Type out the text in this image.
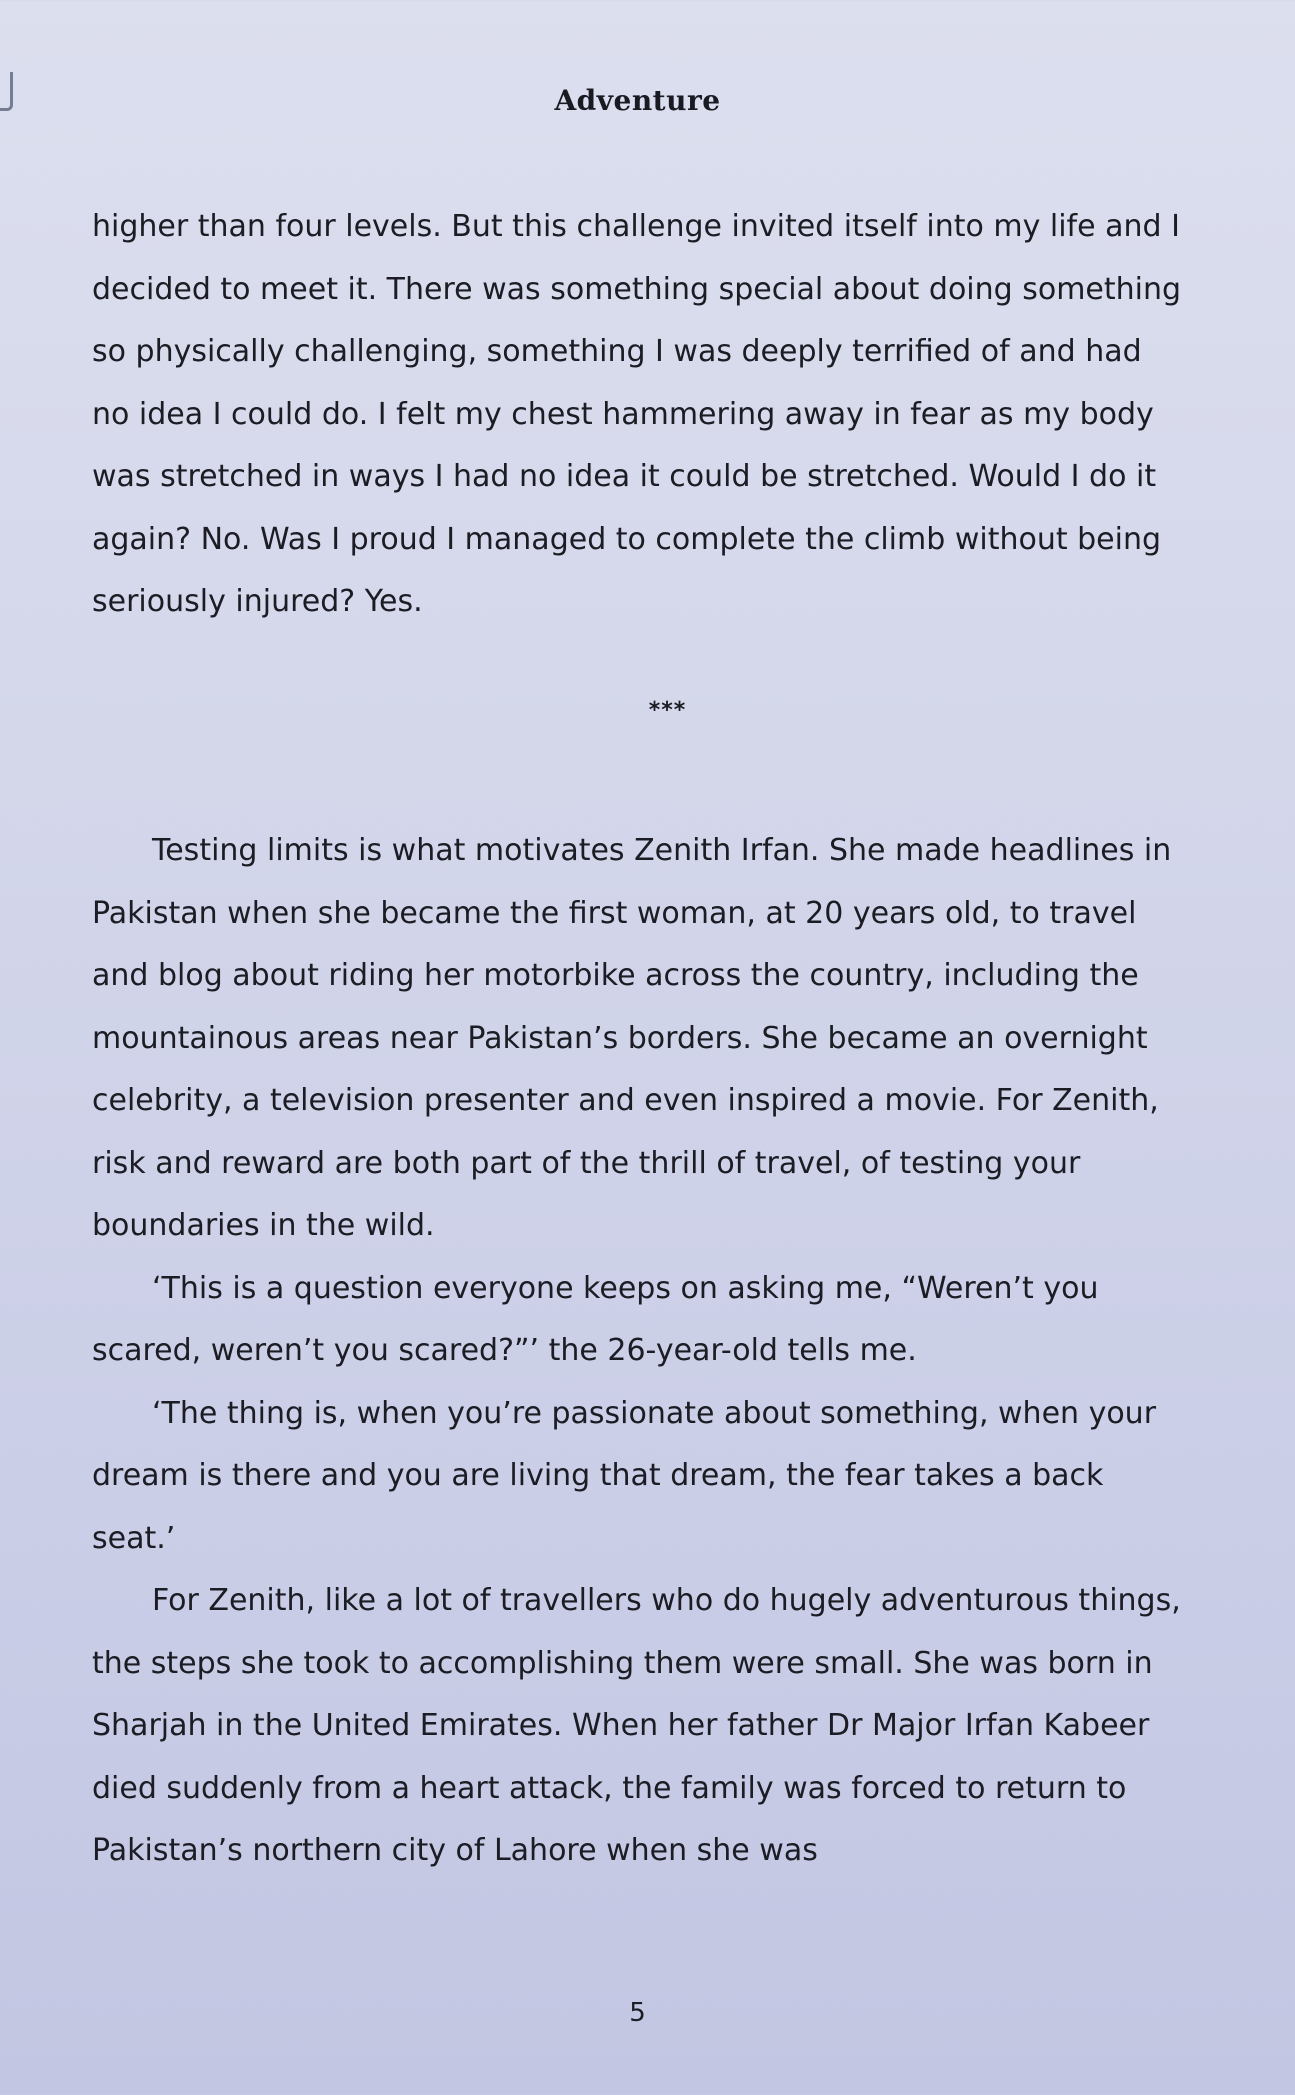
Adventure

higher than four levels. But this challenge invited itself into my life and I decided to meet it. There was something special about doing something so physically challenging, something I was deeply terrified of and had no idea I could do. I felt my chest hammering away in fear as my body was stretched in ways I had no idea it could be stretched. Would I do it again? No. Was I proud I managed to complete the climb without being seriously injured? Yes.

***

Testing limits is what motivates Zenith Irfan. She made headlines in Pakistan when she became the first woman, at 20 years old, to travel and blog about riding her motorbike across the country, including the mountainous areas near Pakistan’s borders. She became an overnight celebrity, a television presenter and even inspired a movie. For Zenith, risk and reward are both part of the thrill of travel, of testing your boundaries in the wild.

‘This is a question everyone keeps on asking me, “Weren’t you scared, weren’t you scared?”’ the 26-year-old tells me.

‘The thing is, when you’re passionate about something, when your dream is there and you are living that dream, the fear takes a back seat.’

For Zenith, like a lot of travellers who do hugely adventurous things, the steps she took to accomplishing them were small. She was born in Sharjah in the United Emirates. When her father Dr Major Irfan Kabeer died suddenly from a heart attack, the family was forced to return to Pakistan’s northern city of Lahore when she was

5
